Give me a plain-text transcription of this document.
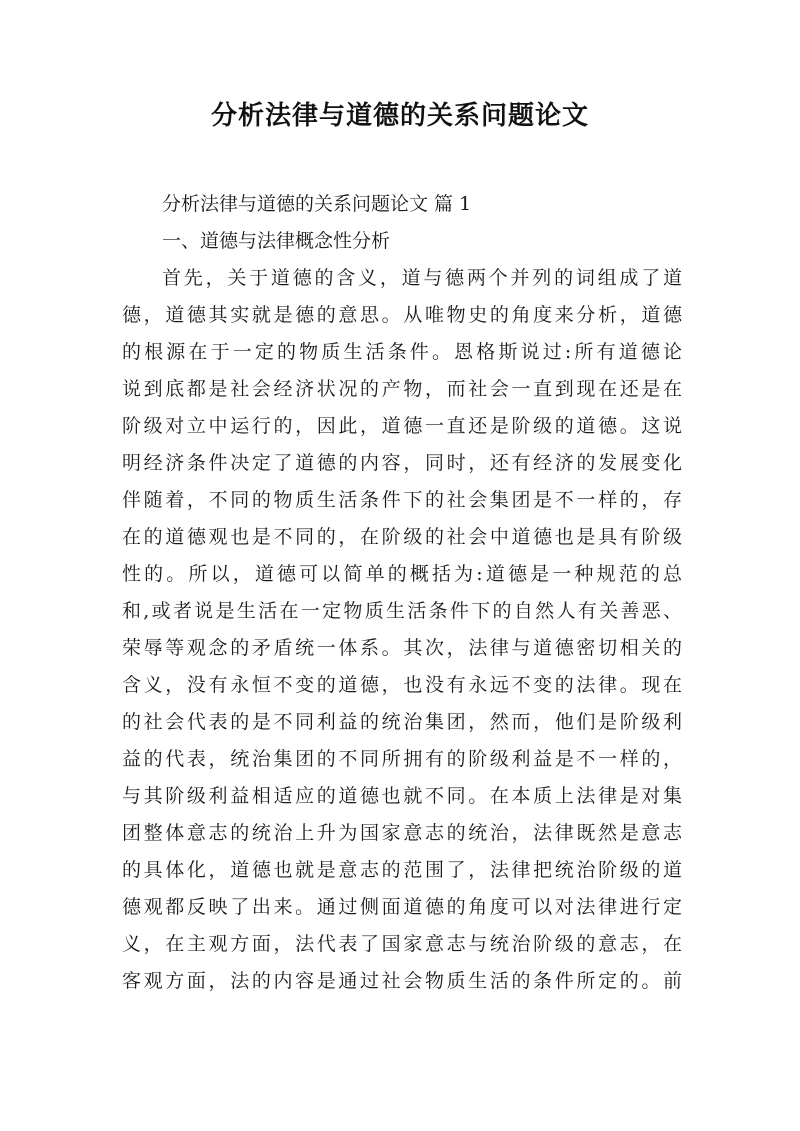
分析法律与道德的关系问题论文
分析法律与道德的关系问题论文 篇 1
一、道德与法律概念性分析
首先，关于道德的含义，道与德两个并列的词组成了道
德，道德其实就是德的意思。从唯物史的角度来分析，道德
的根源在于一定的物质生活条件。恩格斯说过:所有道德论
说到底都是社会经济状况的产物，而社会一直到现在还是在
阶级对立中运行的，因此，道德一直还是阶级的道德。这说
明经济条件决定了道德的内容，同时，还有经济的发展变化
伴随着，不同的物质生活条件下的社会集团是不一样的，存
在的道德观也是不同的，在阶级的社会中道德也是具有阶级
性的。所以，道德可以简单的概括为:道德是一种规范的总
和,或者说是生活在一定物质生活条件下的自然人有关善恶、
荣辱等观念的矛盾统一体系。其次，法律与道德密切相关的
含义，没有永恒不变的道德，也没有永远不变的法律。现在
的社会代表的是不同利益的统治集团，然而，他们是阶级利
益的代表，统治集团的不同所拥有的阶级利益是不一样的，
与其阶级利益相适应的道德也就不同。在本质上法律是对集
团整体意志的统治上升为国家意志的统治，法律既然是意志
的具体化，道德也就是意志的范围了，法律把统治阶级的道
德观都反映了出来。通过侧面道德的角度可以对法律进行定
义，在主观方面，法代表了国家意志与统治阶级的意志，在
客观方面，法的内容是通过社会物质生活的条件所定的。前
